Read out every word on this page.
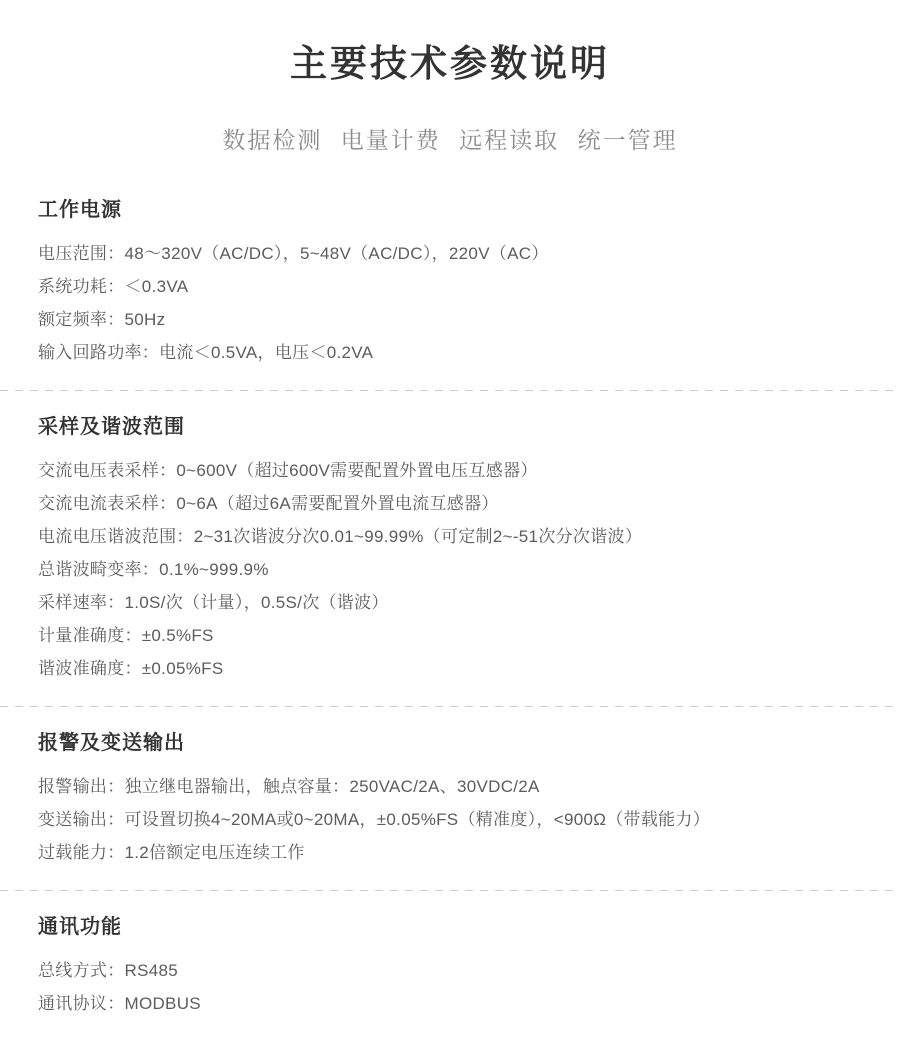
主要技术参数说明

数据检测 电量计费 远程读取 统一管理

工作电源
电压范围：48～320V（AC/DC），5~48V（AC/DC），220V（AC）
系统功耗：＜0.3VA
额定频率：50Hz
输入回路功率：电流＜0.5VA，电压＜0.2VA
采样及谐波范围
交流电压表采样：0~600V（超过600V需要配置外置电压互感器）
交流电流表采样：0~6A（超过6A需要配置外置电流互感器）
电流电压谐波范围：2~31次谐波分次0.01~99.99%（可定制2~-51次分次谐波）
总谐波畸变率：0.1%~999.9%
采样速率：1.0S/次（计量），0.5S/次（谐波）
计量准确度：±0.5%FS
谐波准确度：±0.05%FS
报警及变送输出
报警输出：独立继电器输出，触点容量：250VAC/2A、30VDC/2A
变送输出：可设置切换4~20MA或0~20MA，±0.05%FS（精准度），<900Ω（带载能力）
过载能力：1.2倍额定电压连续工作
通讯功能
总线方式：RS485
通讯协议：MODBUS
